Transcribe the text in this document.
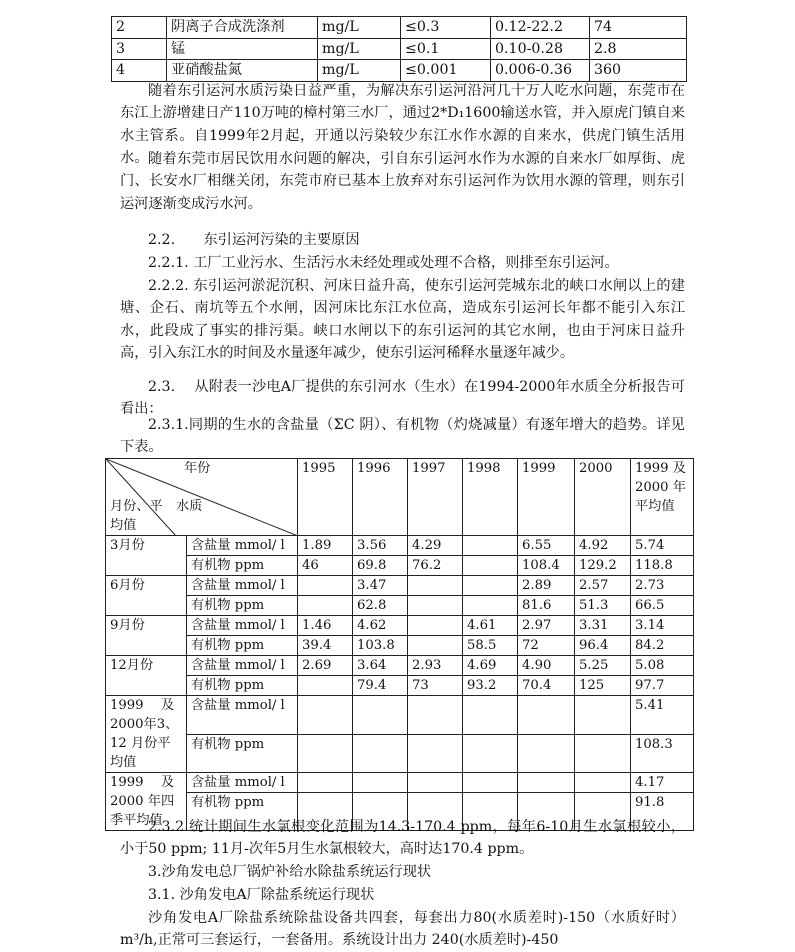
2	阴离子合成洗涤剂	mg/L	≤0.3	0.12-22.2	74
3	锰	mg/L	≤0.1	0.10-0.28	2.8
4	亚硝酸盐氮	mg/L	≤0.001	0.006-0.36	360

随着东引运河水质污染日益严重，为解决东引运河沿河几十万人吃水问题，东莞市在东江上游增建日产110万吨的樟村第三水厂，通过2*D₁1600输送水管，并入原虎门镇自来水主管系。自1999年2月起，开通以污染较少东江水作水源的自来水，供虎门镇生活用水。 随着东莞市居民饮用水问题的解决，引自东引运河水作为水源的自来水厂如厚街、虎门、长安水厂相继关闭，东莞市府已基本上放弃对东引运河作为饮用水源的管理，则东引运河逐渐变成污水河。

2.2.　　东引运河污染的主要原因

2.2.1. 工厂工业污水、生活污水未经处理或处理不合格，则排至东引运河。

2.2.2. 东引运河淤泥沉积、河床日益升高，使东引运河莞城东北的峡口水闸以上的建塘、企石、南坑等五个水闸，因河床比东江水位高，造成东引运河长年都不能引入东江水，此段成了事实的排污渠。峡口水闸以下的东引运河的其它水闸，也由于河床日益升高，引入东江水的时间及水量逐年减少，使东引运河稀释水量逐年减少。

2.3.　 从附表一沙电A厂提供的东引河水（生水）在1994-2000年水质全分析报告可看出：

2.3.1.同期的生水的含盐量（ΣC 阴）、有机物（灼烧减量）有逐年增大的趋势。详见下表。

年份
水质
月份、平均值		1995	1996	1997	1998	1999	2000	1999 及 2000 年平均值
3月份	含盐量 mmol/ l	1.89	3.56	4.29		6.55	4.92	5.74
	有机物 ppm	46	69.8	76.2		108.4	129.2	118.8
6月份	含盐量 mmol/ l		3.47			2.89	2.57	2.73
	有机物 ppm		62.8			81.6	51.3	66.5
9月份	含盐量 mmol/ l	1.46	4.62		4.61	2.97	3.31	3.14
	有机物 ppm	39.4	103.8		58.5	72	96.4	84.2
12月份	含盐量 mmol/ l	2.69	3.64	2.93	4.69	4.90	5.25	5.08
	有机物 ppm		79.4	73	93.2	70.4	125	97.7
1999　 及 2000年3、12 月份平均值	含盐量 mmol/ l							5.41
	有机物 ppm							108.3
1999　 及 2000 年四季平均值	含盐量 mmol/ l							4.17
	有机物 ppm							91.8

2.3.2.统计期间生水氯根变化范围为14.3-170.4 ppm，每年6-10月生水氯根较小，小于50 ppm; 11月-次年5月生水氯根较大，高时达170.4 ppm。

3.沙角发电总厂锅炉补给水除盐系统运行现状

3.1. 沙角发电A厂除盐系统运行现状

沙角发电A厂除盐系统除盐设备共四套，每套出力80(水质差时)-150（水质好时）m³/h,正常可三套运行，一套备用。系统设计出力 240(水质差时)-450
